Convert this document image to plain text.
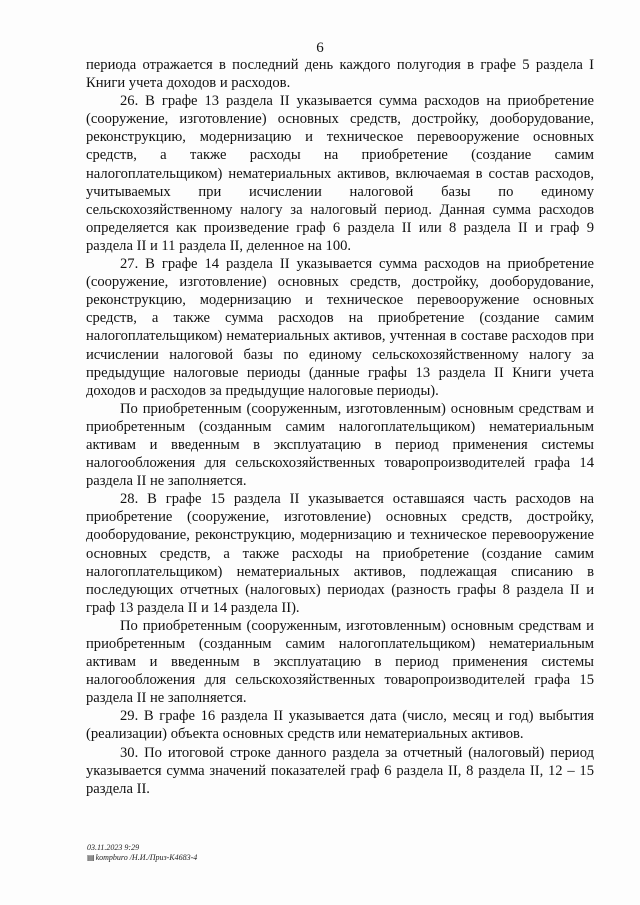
6

периода отражается в последний день каждого полугодия в графе 5 раздела I Книги учета доходов и расходов.

26. В графе 13 раздела II указывается сумма расходов на приобретение (сооружение, изготовление) основных средств, достройку, дооборудование, реконструкцию, модернизацию и техническое перевооружение основных средств, а также расходы на приобретение (создание самим налогоплательщиком) нематериальных активов, включаемая в состав расходов, учитываемых при исчислении налоговой базы по единому сельскохозяйственному налогу за налоговый период. Данная сумма расходов определяется как произведение граф 6 раздела II или 8 раздела II и граф 9 раздела II и 11 раздела II, деленное на 100.

27. В графе 14 раздела II указывается сумма расходов на приобретение (сооружение, изготовление) основных средств, достройку, дооборудование, реконструкцию, модернизацию и техническое перевооружение основных средств, а также сумма расходов на приобретение (создание самим налогоплательщиком) нематериальных активов, учтенная в составе расходов при исчислении налоговой базы по единому сельскохозяйственному налогу за предыдущие налоговые периоды (данные графы 13 раздела II Книги учета доходов и расходов за предыдущие налоговые периоды).

По приобретенным (сооруженным, изготовленным) основным средствам и приобретенным (созданным самим налогоплательщиком) нематериальным активам и введенным в эксплуатацию в период применения системы налогообложения для сельскохозяйственных товаропроизводителей графа 14 раздела II не заполняется.

28. В графе 15 раздела II указывается оставшаяся часть расходов на приобретение (сооружение, изготовление) основных средств, достройку, дооборудование, реконструкцию, модернизацию и техническое перевооружение основных средств, а также расходы на приобретение (создание самим налогоплательщиком) нематериальных активов, подлежащая списанию в последующих отчетных (налоговых) периодах (разность графы 8 раздела II и граф 13 раздела II и 14 раздела II).

По приобретенным (сооруженным, изготовленным) основным средствам и приобретенным (созданным самим налогоплательщиком) нематериальным активам и введенным в эксплуатацию в период применения системы налогообложения для сельскохозяйственных товаропроизводителей графа 15 раздела II не заполняется.

29. В графе 16 раздела II указывается дата (число, месяц и год) выбытия (реализации) объекта основных средств или нематериальных активов.

30. По итоговой строке данного раздела за отчетный (налоговый) период указывается сумма значений показателей граф 6 раздела II, 8 раздела II, 12 – 15 раздела II.

03.11.2023 9:29
▤kompburo /Н.И./Приз-К4683-4
